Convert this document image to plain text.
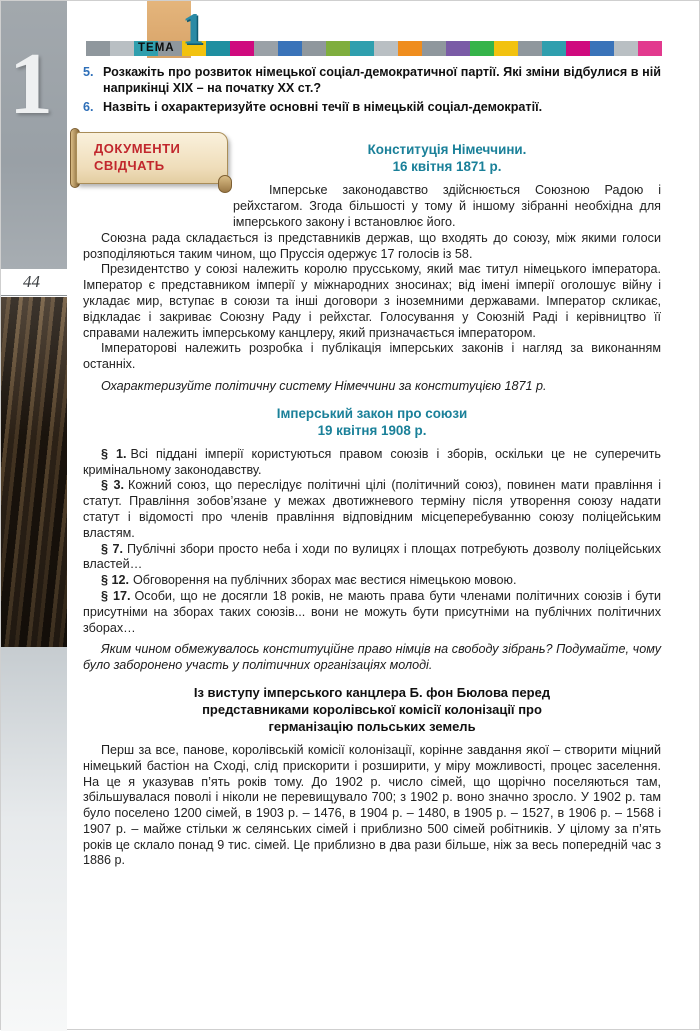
1
44
ТЕМА 1
ДОКУМЕНТИ
СВІДЧАТЬ
5. Розкажіть про розвиток німецької соціал-демократичної партії. Які зміни відбулися в ній наприкінці XIX – на початку XX ст.?
6. Назвіть і охарактеризуйте основні течії в німецькій соціал-демократії.
Конституція Німеччини.
16 квітня 1871 р.

Імперське законодавство здійснюється Союзною Радою і рейхстагом. Згода більшості у тому й іншому зібранні необхідна для імперського закону і встановлює його.

Союзна рада складається із представників держав, що входять до союзу, між якими голоси розподіляються таким чином, що Пруссія одержує 17 голосів із 58.

Президентство у союзі належить королю прусському, який має титул німецького імператора. Імператор є представником імперії у міжнародних зносинах; від імені імперії оголошує війну і укладає мир, вступає в союзи та інші договори з іноземними державами. Імператор скликає, відкладає і закриває Союзну Раду і рейхстаг. Голосування у Союзній Раді і керівництво її справами належить імперському канцлеру, який призначається імператором.

Імператорові належить розробка і публікація імперських законів і нагляд за виконанням останніх.

Охарактеризуйте політичну систему Німеччини за конституцією 1871 р.

Імперський закон про союзи
19 квітня 1908 р.

§ 1. Всі піддані імперії користуються правом союзів і зборів, оскільки це не суперечить кримінальному законодавству.

§ 3. Кожний союз, що переслідує політичні цілі (політичний союз), повинен мати правління і статут. Правління зобов’язане у межах двотижневого терміну після утворення союзу надати статут і відомості про членів правління відповідним місцеперебуванню союзу поліцейським властям.

§ 7. Публічні збори просто неба і ходи по вулицях і площах потребують дозволу поліцейських властей…

§ 12. Обговорення на публічних зборах має вестися німецькою мовою.

§ 17. Особи, що не досягли 18 років, не мають права бути членами політичних союзів і бути присутніми на зборах таких союзів... вони не можуть бути присутніми на публічних політичних зборах…

Яким чином обмежувалось конституційне право німців на свободу зібрань? Подумайте, чому було заборонено участь у політичних організаціях молоді.

Із виступу імперського канцлера Б. фон Бюлова перед представниками королівської комісії колонізації про германізацію польських земель

Перш за все, панове, королівській комісії колонізації, корінне завдання якої – створити міцний німецький бастіон на Сході, слід прискорити і розширити, у міру можливості, процес заселення. На це я указував п’ять років тому. До 1902 р. число сімей, що щорічно поселяються там, збільшувалася поволі і ніколи не перевищувало 700; з 1902 р. воно значно зросло. У 1902 р. там було поселено 1200 сімей, в 1903 р. – 1476, в 1904 р. – 1480, в 1905 р. – 1527, в 1906 р. – 1568 і 1907 р. – майже стільки ж селянських сімей і приблизно 500 сімей робітників. У цілому за п’ять років це склало понад 9 тис. сімей. Це приблизно в два рази більше, ніж за весь попередній час з 1886 р.
